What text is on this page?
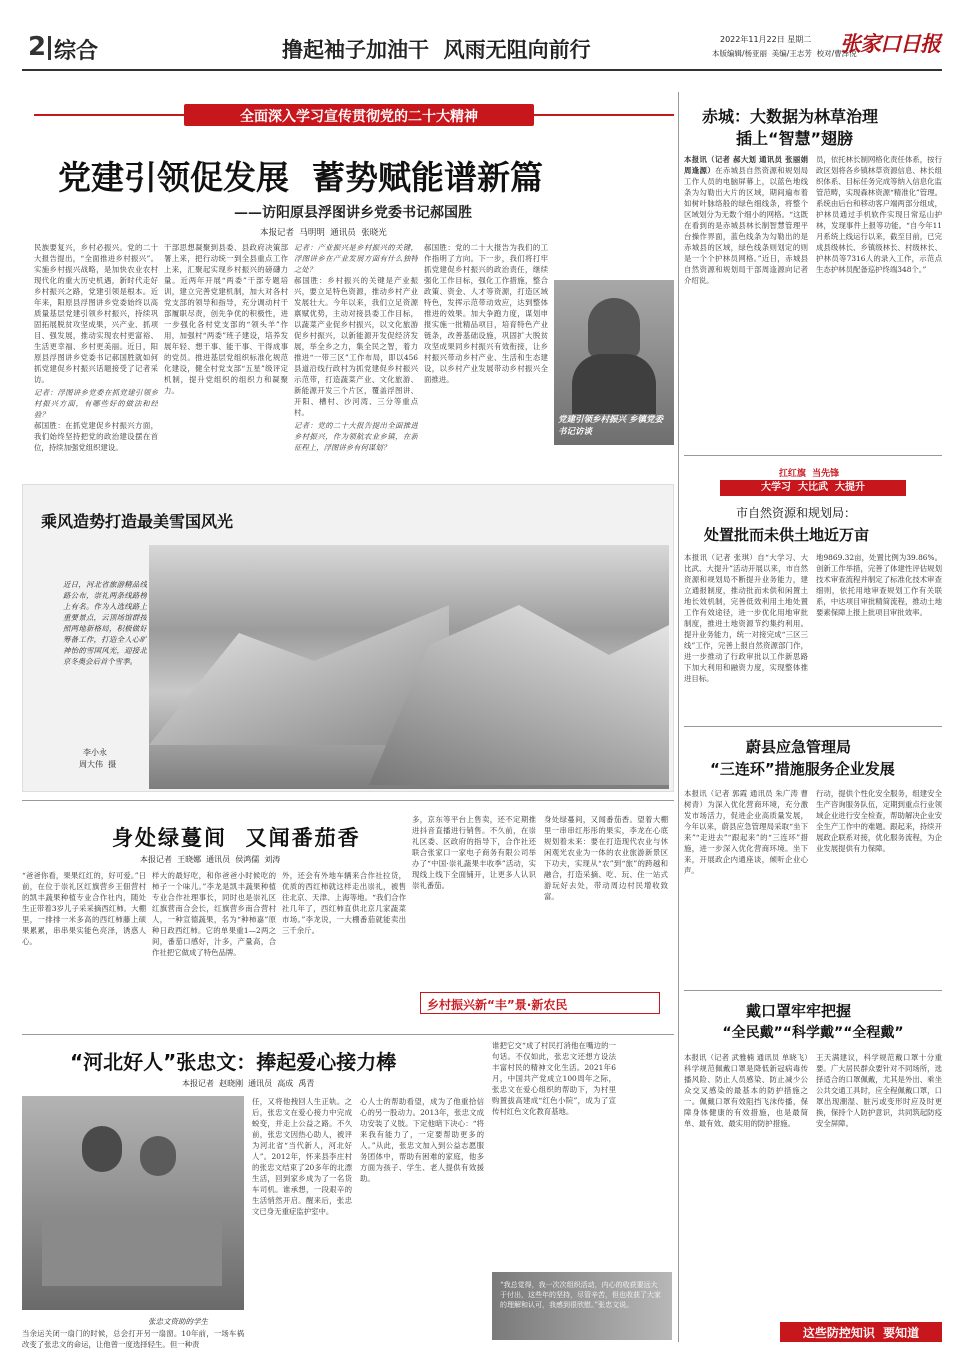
2 综合	撸起袖子加油干  风雨无阻向前行	2022年11月22日 星期二
本版编辑/杨亚丽  美编/王志芳  校对/曹泽悦
张家口日报
全面深入学习宣传贯彻党的二十大精神
党建引领促发展  蓄势赋能谱新篇
——访阳原县浮图讲乡党委书记郝国胜
本报记者  马明明  通讯员  张晓光
民族要复兴，乡村必振兴。党的二十大报告提出，“全面推进乡村振兴”。实施乡村振兴战略，是加快农业农村现代化的重大历史机遇，新时代走好乡村振兴之路，党建引领是根本。近年来，阳原县浮图讲乡党委始终以高质量基层党建引领乡村振兴，持续巩固拓展脱贫攻坚成果，兴产业、抓项目、强发展，推动实现农村更富裕、生活更幸福、乡村更美丽。近日，阳原县浮图讲乡党委书记郝国胜就如何抓党建促乡村振兴话题接受了记者采访。
记者：浮图讲乡党委在抓党建引领乡村振兴方面，有哪些好的做法和经验？
郝国胜：在抓党建促乡村振兴方面，我们始终坚持把党的政治建设摆在首位，持续加强党组织建设。
干部思想凝聚到县委、县政府决策部署上来，把行动统一到全县重点工作上来，汇聚起实现乡村振兴的磅礴力量。近两年开展“两委”干部专题培训，建立完善党建机制，加大对各村党支部的领导和指导，充分调动村干部履职尽责，创先争优的积极性，进一步强化各村党支部的“领头羊”作用，加强村“两委”班子建设，培养发展年轻、想干事、能干事、干得成事的党员。推进基层党组织标准化规范化建设，健全村党支部“五星”级评定机制，提升党组织的组织力和凝聚力。
记者：产业振兴是乡村振兴的关键，浮图讲乡在产业发展方面有什么独特之处？
郝国胜：乡村振兴的关键是产业振兴，要立足特色资源，推动乡村产业发展壮大。今年以来，我们立足资源禀赋优势，主动对接县委工作目标，以蔬菜产业促乡村振兴，以文化旅游促乡村振兴，以新能源开发促经济发展，举全乡之力，集全民之智，着力推进“一带三区”工作布局，即以456县道沿线行政村为抓党建促乡村振兴示范带，打造蔬菜产业、文化旅游、新能源开发三个片区，覆盖浮图讲、开阳、槽村、沙河湾、三分等重点村。
记者：党的二十大报告提出全面推进乡村振兴，作为领航农业乡镇，在新征程上，浮图讲乡有何谋划？
郝国胜：党的二十大报告为我们的工作指明了方向。下一步，我们将打牢抓党建促乡村振兴的政治责任，继续强化工作目标，强化工作措施，整合政策、资金、人才等资源，打造区域特色，发挥示范带动效应，达到整体推进的效果。加大争跑力度，谋划申报实施一批精品项目，培育特色产业链条，改善基础设施，巩固扩大脱贫攻坚成果同乡村振兴有效衔接，让乡村振兴带动乡村产业、生活和生态建设，以乡村产业发展带动乡村振兴全面推进。
党建引领乡村振兴 乡镇党委书记访谈
乘风造势打造最美雪国风光
近日，河北省旅游精品线路公布，崇礼两条线路榜上有名。作为入选线路上重要景点，云顶场馆群按照两地新格局，积极做好筹备工作，打造全人心旷神怡的雪国风光，迎接北京冬奥会后首个雪季。
李小永
周大伟  摄
身处绿蔓间  又闻番茄香
本报记者  王晓娜  通讯员  侯鸿儒  刘涛
“爸爸你看，果果红红的，好可爱。”日前，在位于崇礼区红旗营乡王佃营村的凯丰蔬果种植专业合作社内，随处生正带着3岁儿子采采摘西红柿。大棚里，一排排一米多高的西红柿藤上硕果累累，串串果实能色亮泽，诱惑人心。
样大的最好吃，和你爸爸小时候吃的柿子一个味儿。”李龙是凯丰蔬果种植专业合作社理事长，同时也是崇礼区红旗营南合会长，红旗营乡南合营村人，一种宣德蔬果，名为“种柿嘉”原种日政西红柿。它的单果重1—2两之间，番茄口感好，汁多，产量高，合作社把它做成了特色品牌。
外，还会有外地车辆来合作社拉货，优质的西红柿就这样走出崇礼，被售往北京、天津、上海等地。“我们合作社几年了，西红柿直供北京几家蔬菜市场。”李龙说，一大棚番茄就能卖出三千余斤。
多，京东等平台上售卖，还不定期推进抖音直播进行销售。不久前，在崇礼区委、区政府的指导下，合作社还联合张家口一家电子商务有限公司举办了“中国·崇礼蔬果丰收季”活动，实现线上线下全面铺开，让更多人认识崇礼番茄。
身处绿蔓间，又闻番茄香。望着大棚里一串串红彤彤的果实，李龙在心底规划着未来：要在打造现代农业与休闲观光农业为一体的农业旅游新景区下功夫，实现从“农”到“旅”的跨越和融合，打造采摘、吃、玩、住一站式游玩好去处，带动周边村民增收致富。
乡村振兴新“丰”景·新农民
“河北好人”张忠文：捧起爱心接力棒
本报记者  赵晓刚  通讯员  高成  禹青
张忠文资助的学生
当余运关闭一扇门的时候，总会打开另一扇窗。10年前，一场车祸改变了张忠文的命运，让他曾一度选择轻生。但一种责
任，又将他拽回人生正轨。之后，张忠文在爱心接力中完成蜕变，并走上公益之路。不久前，张忠文因热心助人，被评为河北省“当代新人，河北好人”。2012年，怀来县李庄村的张忠文结束了20多年的北漂生活，回到家乡成为了一名货车司机。谁承想，一段艰辛的生活悄然开启。醒来后，张忠文已身无重症监护室中。
心人士的帮助看望，成为了他重拾信心的另一股动力。2013年，张忠文成功安装了义肢。下定他暗下决心：“将来我有能力了，一定要帮助更多的人。”从此，张忠文加入到公益志愿服务团体中，帮助有困难的家庭，他多方面为孩子、学生、老人提供有效援助。
谁把它交“成了村民打消他在嘴边的一句话。不仅如此，张忠文还想方设法丰富村民的精神文化生活。2021年6月，中国共产党成立100周年之际，张忠文在爱心组织的帮助下，为村里购置拔高建成“红色小院”，成为了宣传村红色文化教育基地。
“我总觉得，我一次次组织活动，内心的收获要远大于付出，这些年的坚持，尽管辛苦，但也收获了大家的理解和认可，我感到很欣慰。”张忠文说。
赤城：大数据为林草治理
插上“智慧”翅膀
本报讯（记者 郝大划 通讯员 张丽娟 周逢源）在赤城县自然资源和规划局工作人员的电脑屏幕上，以蓝色地线条为勾勒出大片的区域，期间遍布着如树叶脉络般的绿色细线条，将整个区域划分为无数个细小的网格。“这既在看到的是赤城县林长制智慧管理平台操作界面，蓝色线条为勾勒出的是赤城县的区域，绿色线条则划定的则是一个个护林员网格。”近日，赤城县自然资源和规划局干部周逢源向记者介绍说。
员，依托林长制网格化责任体系，按行政区划将各乡镇林草资源信息、林长组织体系、目标任务完成等纳入信息化监管范畴，实现森林资源“精准化”管理。系统由后台和移动客户端两部分组成，护林员通过手机软件实现日常巡山护林，发现事件上报等功能。“自今年11月系统上线运行以来，截至目前，已完成县级林长、乡镇级林长、村级林长、护林员等7316人的录入工作，示范点生态护林员配备巡护终端348个。”
扛红旗  当先锋
大学习  大比武  大提升
市自然资源和规划局：
处置批而未供土地近万亩
本报讯（记者 张琪）自“大学习、大比武、大提升”活动开展以来，市自然资源和规划局不断提升业务能力，建立通报制度，推动批而未供和闲置土地长效机制，完善低效利用土地处置工作有效途径，进一步优化用地审批制度，推进土地资源节约集约利用。 提升业务能力，统一对接完成“三区三线”工作，完善上报自然资源部门作，进一步推动了行政审批以工作新思路下加大利用和融资力度，实现整体推进目标。
地9869.32亩，处置比例为39.86%。创新工作举措，完善了体建性评估规划技术审查流程并制定了标准化技术审查细则，依托用地审查规划工作有关联系，中达项目审批精简流程，推动土地要素保障上报上批项目审批效率。
蔚县应急管理局
“三连环”措施服务企业发展
本报讯（记者 郭霞 通讯员 朱广涛 曹树青）为深入优化营商环境，充分激发市场活力，促进企业高质量发展，今年以来，蔚县应急管理局采取“坐下来”“走进去”“跟起来”的“三连环”措施，进一步深入优化营商环境。坐下来，开展政企内通座谈，倾听企业心声。
行动，提供个性化安全服务，组建安全生产咨询服务队伍，定期到重点行业领域企业进行安全检查，帮助解决企业安全生产工作中的难题。跟起来，持续开展政企联系对接，优化服务流程，为企业发展提供有力保障。
戴口罩牢牢把握
“全民戴”“科学戴”“全程戴”
本报讯（记者 武雅楠 通讯员 单晓飞）科学规范佩戴口罩是降低新冠病毒传播风险、防止人员感染、防止减少公众交叉感染的最基本的防护措施之一。佩戴口罩有效阻挡飞沫传播，保障身体健康的有效措施，也是最简单、最有效、最实用的防护措施。
王天满建议，科学规范戴口罩十分重要。广大居民群众要针对不同场所，选择适合的口罩佩戴，尤其是外出、乘坐公共交通工具时，应全程佩戴口罩，口罩出现潮湿、脏污或变形时应及时更换，保持个人防护意识，共同筑起防疫安全屏障。
这些防控知识  要知道
